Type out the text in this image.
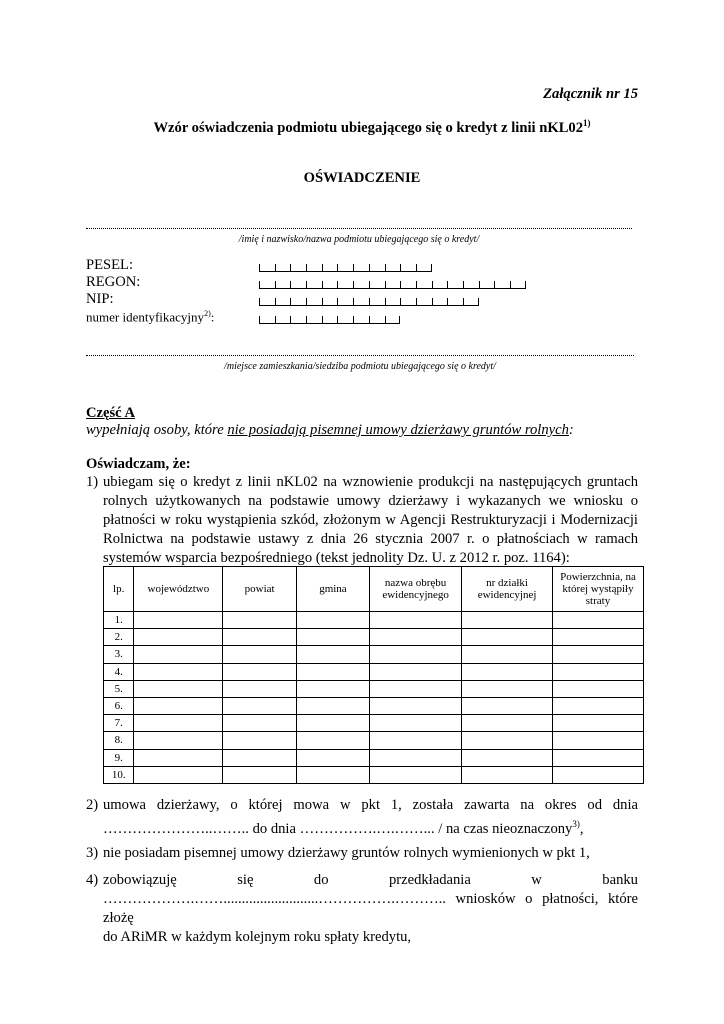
Załącznik nr 15
Wzór oświadczenia podmiotu ubiegającego się o kredyt z linii nKL02$^{1)}$
OŚWIADCZENIE
/imię i nazwisko/nazwa podmiotu ubiegającego się o kredyt/
PESEL:
REGON:
NIP:
numer identyfikacyjny$^{2)}$:
/miejsce zamieszkania/siedziba podmiotu ubiegającego się o kredyt/
Część A
wypełniają osoby, które nie posiadają pisemnej umowy dzierżawy gruntów rolnych:
Oświadczam, że:
1) ubiegam się o kredyt z linii nKL02 na wznowienie produkcji na następujących gruntach rolnych użytkowanych na podstawie umowy dzierżawy i wykazanych we wniosku o płatności w roku wystąpienia szkód, złożonym w Agencji Restrukturyzacji i Modernizacji Rolnictwa na podstawie ustawy z dnia 26 stycznia 2007 r. o płatnościach w ramach systemów wsparcia bezpośredniego (tekst jednolity Dz. U. z 2012 r. poz. 1164):
lp.	województwo	powiat	gmina	nazwa obrębu ewidencyjnego	nr działki ewidencyjnej	Powierzchnia, na której wystąpiły straty
1.						
2.						
3.						
4.						
5.						
6.						
7.						
8.						
9.						
10.						
2) umowa dzierżawy, o której mowa w pkt 1, została zawarta na okres od dnia
…………………..…….. do dnia …………….….……... / na czas nieoznaczony$^{3)}$,
3) nie posiadam pisemnej umowy dzierżawy gruntów rolnych wymienionych w pkt 1,
4) zobowiązuję	się	do	przedkładania	w	banku
……………….……..........................…………….……….. wniosków o płatności, które złożę
do ARiMR w każdym kolejnym roku spłaty kredytu,
